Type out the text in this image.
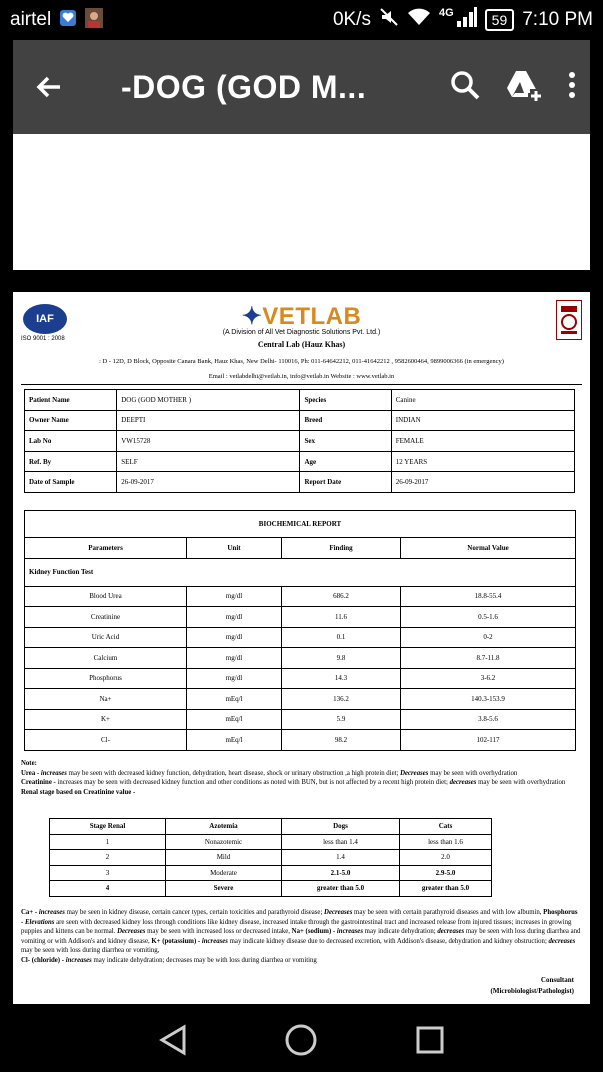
airtel	0K/s	4G	59 7:10 PM
-DOG (GOD M...
IAF
ISO 9001 : 2008
✦VETLAB
(A Division of All Vet Diagnostic Solutions Pvt. Ltd.)
Central Lab (Hauz Khas)
: D - 12D, D Block, Opposite Canara Bank, Hauz Khas, New Delhi- 110016, Ph: 011-64642212, 011-41642212 , 9582600464, 9899006366 (in emergency)
Email : vetlabdelhi@vetlab.in, info@vetlab.in Website : www.vetlab.in
Patient Name	DOG (GOD MOTHER )	Species	Canine
Owner Name	DEEPTI	Breed	INDIAN
Lab No	VW15728	Sex	FEMALE
Ref. By	SELF	Age	12 YEARS
Date of Sample	26-09-2017	Report Date	26-09-2017
BIOCHEMICAL REPORT			
Parameters	Unit	Finding	Normal Value
Kidney Function Test			
Blood Urea	mg/dl	686.2	18.8-55.4
Creatinine	mg/dl	11.6	0.5-1.6
Uric Acid	mg/dl	0.1	0-2
Calcium	mg/dl	9.8	8.7-11.8
Phosphorus	mg/dl	14.3	3-6.2
Na+	mEq/l	136.2	140.3-153.9
K+	mEq/l	5.9	3.8-5.6
Cl-	mEq/l	98.2	102-117
Note:
Urea - increases may be seen with decreased kidney function, dehydration, heart disease, shock or urinary obstruction ,a high protein diet; Decreases may be seen with overhydration
Creatinine - increases may be seen with decreased kidney function and other conditions as noted with BUN, but is not affected by a recent high protein diet; decreases may be seen with overhydration
Renal stage based on Creatinine value -
Stage Renal	Azotemia	Dogs	Cats
1	Nonazotemic	less than 1.4	less than 1.6
2	Mild	1.4	2.0
3	Moderate	2.1-5.0	2.9-5.0
4	Severe	greater than 5.0	greater than 5.0
Ca+ - increases may be seen in kidney disease, certain cancer types, certain toxicities and parathyroid disease; Decreases may be seen with certain parathyroid diseases and with low albumin, Phosphorus - Elevations are seen with decreased kidney loss through conditions like kidney disease, increased intake through the gastrointestinal tract and increased release from injured tissues; increases in growing puppies and kittens can be normal. Decreases may be seen with increased loss or decreased intake, Na+ (sodium) - increases may indicate dehydration; decreases may be seen with loss during diarrhea and vomiting or with Addison's and kidney disease, K+ (potassium) - increases may indicate kidney disease due to decreased excretion, with Addison's disease, dehydration and kidney obstruction; decreases may be seen with loss during diarrhea or vomiting,
Cl- (chloride) - increases may indicate dehydration; decreases may be with loss during diarrhea or vomiting
Consultant
(Microbiologist/Pathologist)
